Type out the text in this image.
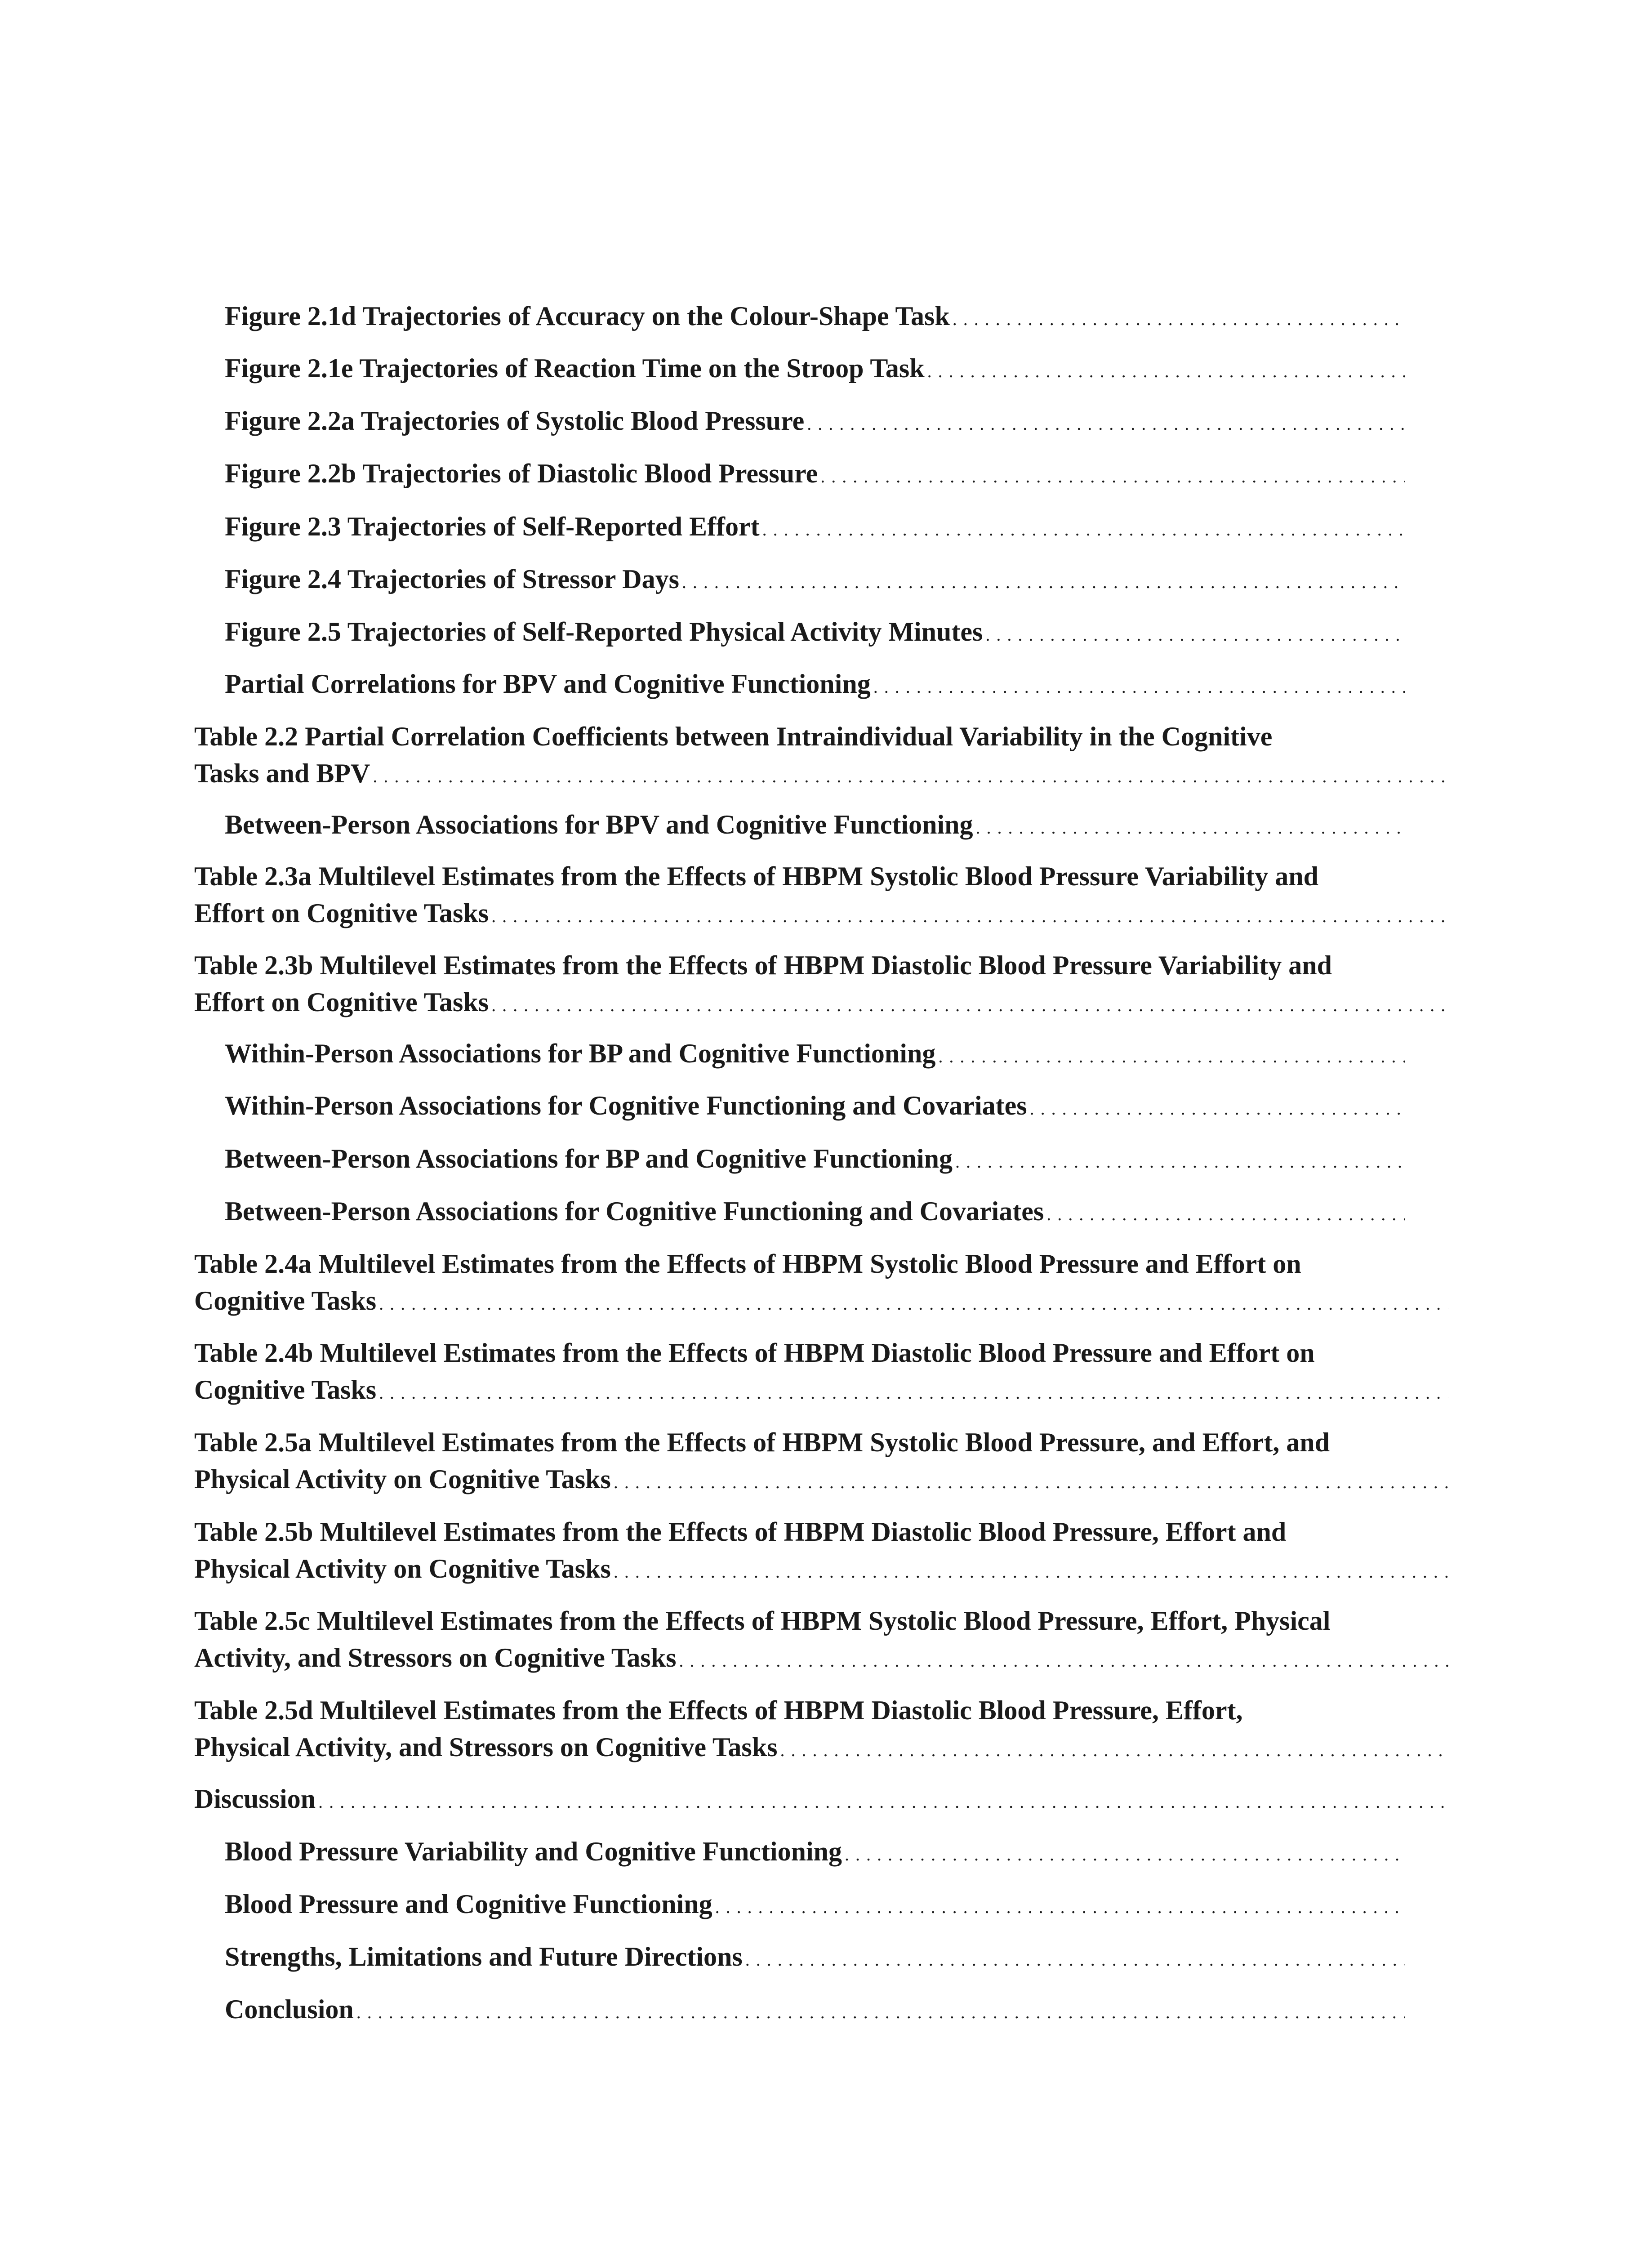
Figure 2.1d Trajectories of Accuracy on the Colour-Shape Task
. . .
Figure 2.1e Trajectories of Reaction Time on the Stroop Task
. . .
Figure 2.2a Trajectories of Systolic Blood Pressure
. . .
Figure 2.2b Trajectories of Diastolic Blood Pressure
. . .
Figure 2.3 Trajectories of Self-Reported Effort
. . .
Figure 2.4 Trajectories of Stressor Days
. . .
Figure 2.5 Trajectories of Self-Reported Physical Activity Minutes
. . .
Partial Correlations for BPV and Cognitive Functioning
. . .
Table 2.2 Partial Correlation Coefficients between Intraindividual Variability in the Cognitive
Tasks and BPV
. . .
Between-Person Associations for BPV and Cognitive Functioning
. . .
Table 2.3a Multilevel Estimates from the Effects of HBPM Systolic Blood Pressure Variability and
Effort on Cognitive Tasks
. . .
Table 2.3b Multilevel Estimates from the Effects of HBPM Diastolic Blood Pressure Variability and
Effort on Cognitive Tasks
. . .
Within-Person Associations for BP and Cognitive Functioning
. . .
Within-Person Associations for Cognitive Functioning and Covariates
. . .
Between-Person Associations for BP and Cognitive Functioning
. . .
Between-Person Associations for Cognitive Functioning and Covariates
. . .
Table 2.4a Multilevel Estimates from the Effects of HBPM Systolic Blood Pressure and Effort on
Cognitive Tasks
. . .
Table 2.4b Multilevel Estimates from the Effects of HBPM Diastolic Blood Pressure and Effort on
Cognitive Tasks
. . .
Table 2.5a Multilevel Estimates from the Effects of HBPM Systolic Blood Pressure, and Effort, and
Physical Activity on Cognitive Tasks
. . .
Table 2.5b Multilevel Estimates from the Effects of HBPM Diastolic Blood Pressure, Effort and
Physical Activity on Cognitive Tasks
. . .
Table 2.5c Multilevel Estimates from the Effects of HBPM Systolic Blood Pressure, Effort, Physical
Activity, and Stressors on Cognitive Tasks
. . .
Table 2.5d Multilevel Estimates from the Effects of HBPM Diastolic Blood Pressure, Effort,
Physical Activity, and Stressors on Cognitive Tasks
. . .
Discussion
. . .
Blood Pressure Variability and Cognitive Functioning
. . .
Blood Pressure and Cognitive Functioning
. . .
Strengths, Limitations and Future Directions
. . .
Conclusion
. . .
